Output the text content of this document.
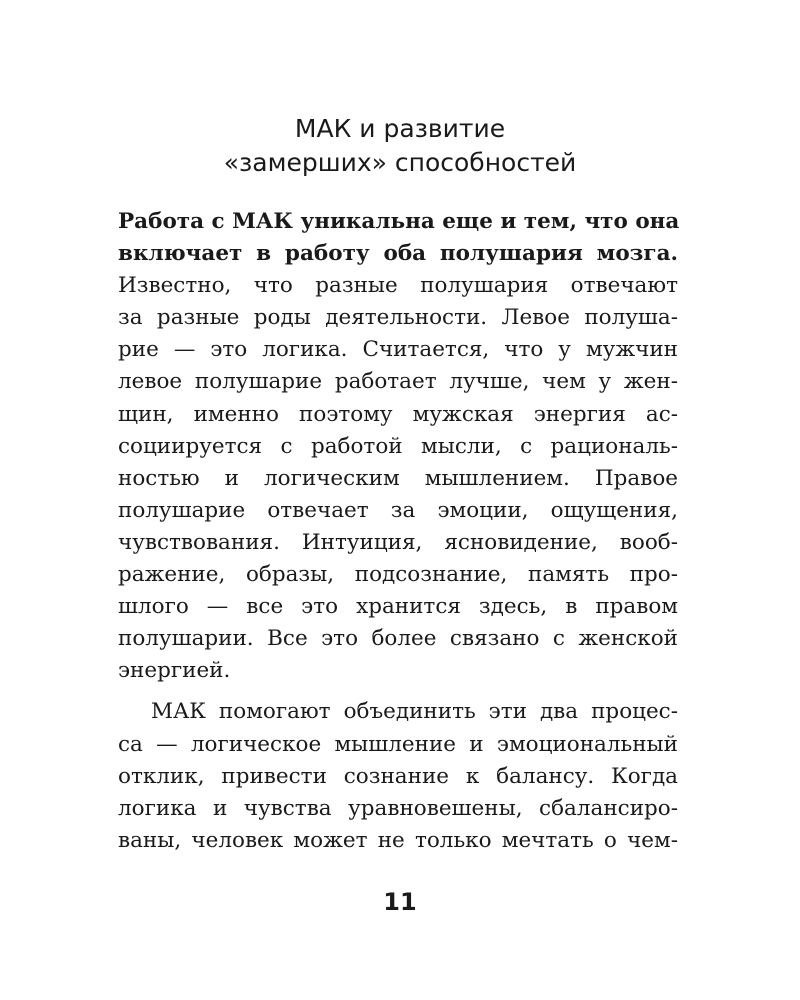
МАК и развитие
«замерших» способностей
Работа с МАК уникальна еще и тем, что она
включает в работу оба полушария мозга.
Известно, что разные полушария отвечают
за разные роды деятельности. Левое полуша-
рие — это логика. Считается, что у мужчин
левое полушарие работает лучше, чем у жен-
щин, именно поэтому мужская энергия ас-
социируется с работой мысли, с рациональ-
ностью и логическим мышлением. Правое
полушарие отвечает за эмоции, ощущения,
чувствования. Интуиция, ясновидение, вооб-
ражение, образы, подсознание, память про-
шлого — все это хранится здесь, в правом
полушарии. Все это более связано с женской
энергией.
МАК помогают объединить эти два процес-
са — логическое мышление и эмоциональный
отклик, привести сознание к балансу. Когда
логика и чувства уравновешены, сбалансиро-
ваны, человек может не только мечтать о чем-
11
